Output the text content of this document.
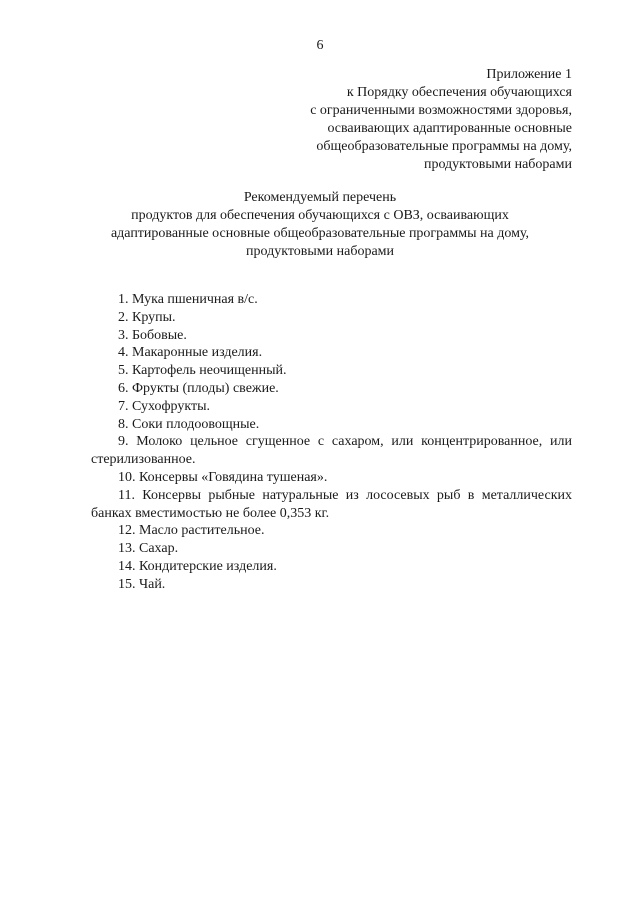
6
Приложение 1
к Порядку обеспечения обучающихся
с ограниченными возможностями здоровья,
осваивающих адаптированные основные
общеобразовательные программы на дому,
продуктовыми наборами
Рекомендуемый перечень
продуктов для обеспечения обучающихся с ОВЗ, осваивающих
адаптированные основные общеобразовательные программы на дому,
продуктовыми наборами

1. Мука пшеничная в/с.

2. Крупы.

3. Бобовые.

4. Макаронные изделия.

5. Картофель неочищенный.

6. Фрукты (плоды) свежие.

7. Сухофрукты.

8. Соки плодоовощные.

9. Молоко цельное сгущенное с сахаром, или концентрированное, или стерилизованное.

10. Консервы «Говядина тушеная».

11. Консервы рыбные натуральные из лососевых рыб в металлических банках вместимостью не более 0,353 кг.

12. Масло растительное.

13. Сахар.

14. Кондитерские изделия.

15. Чай.
